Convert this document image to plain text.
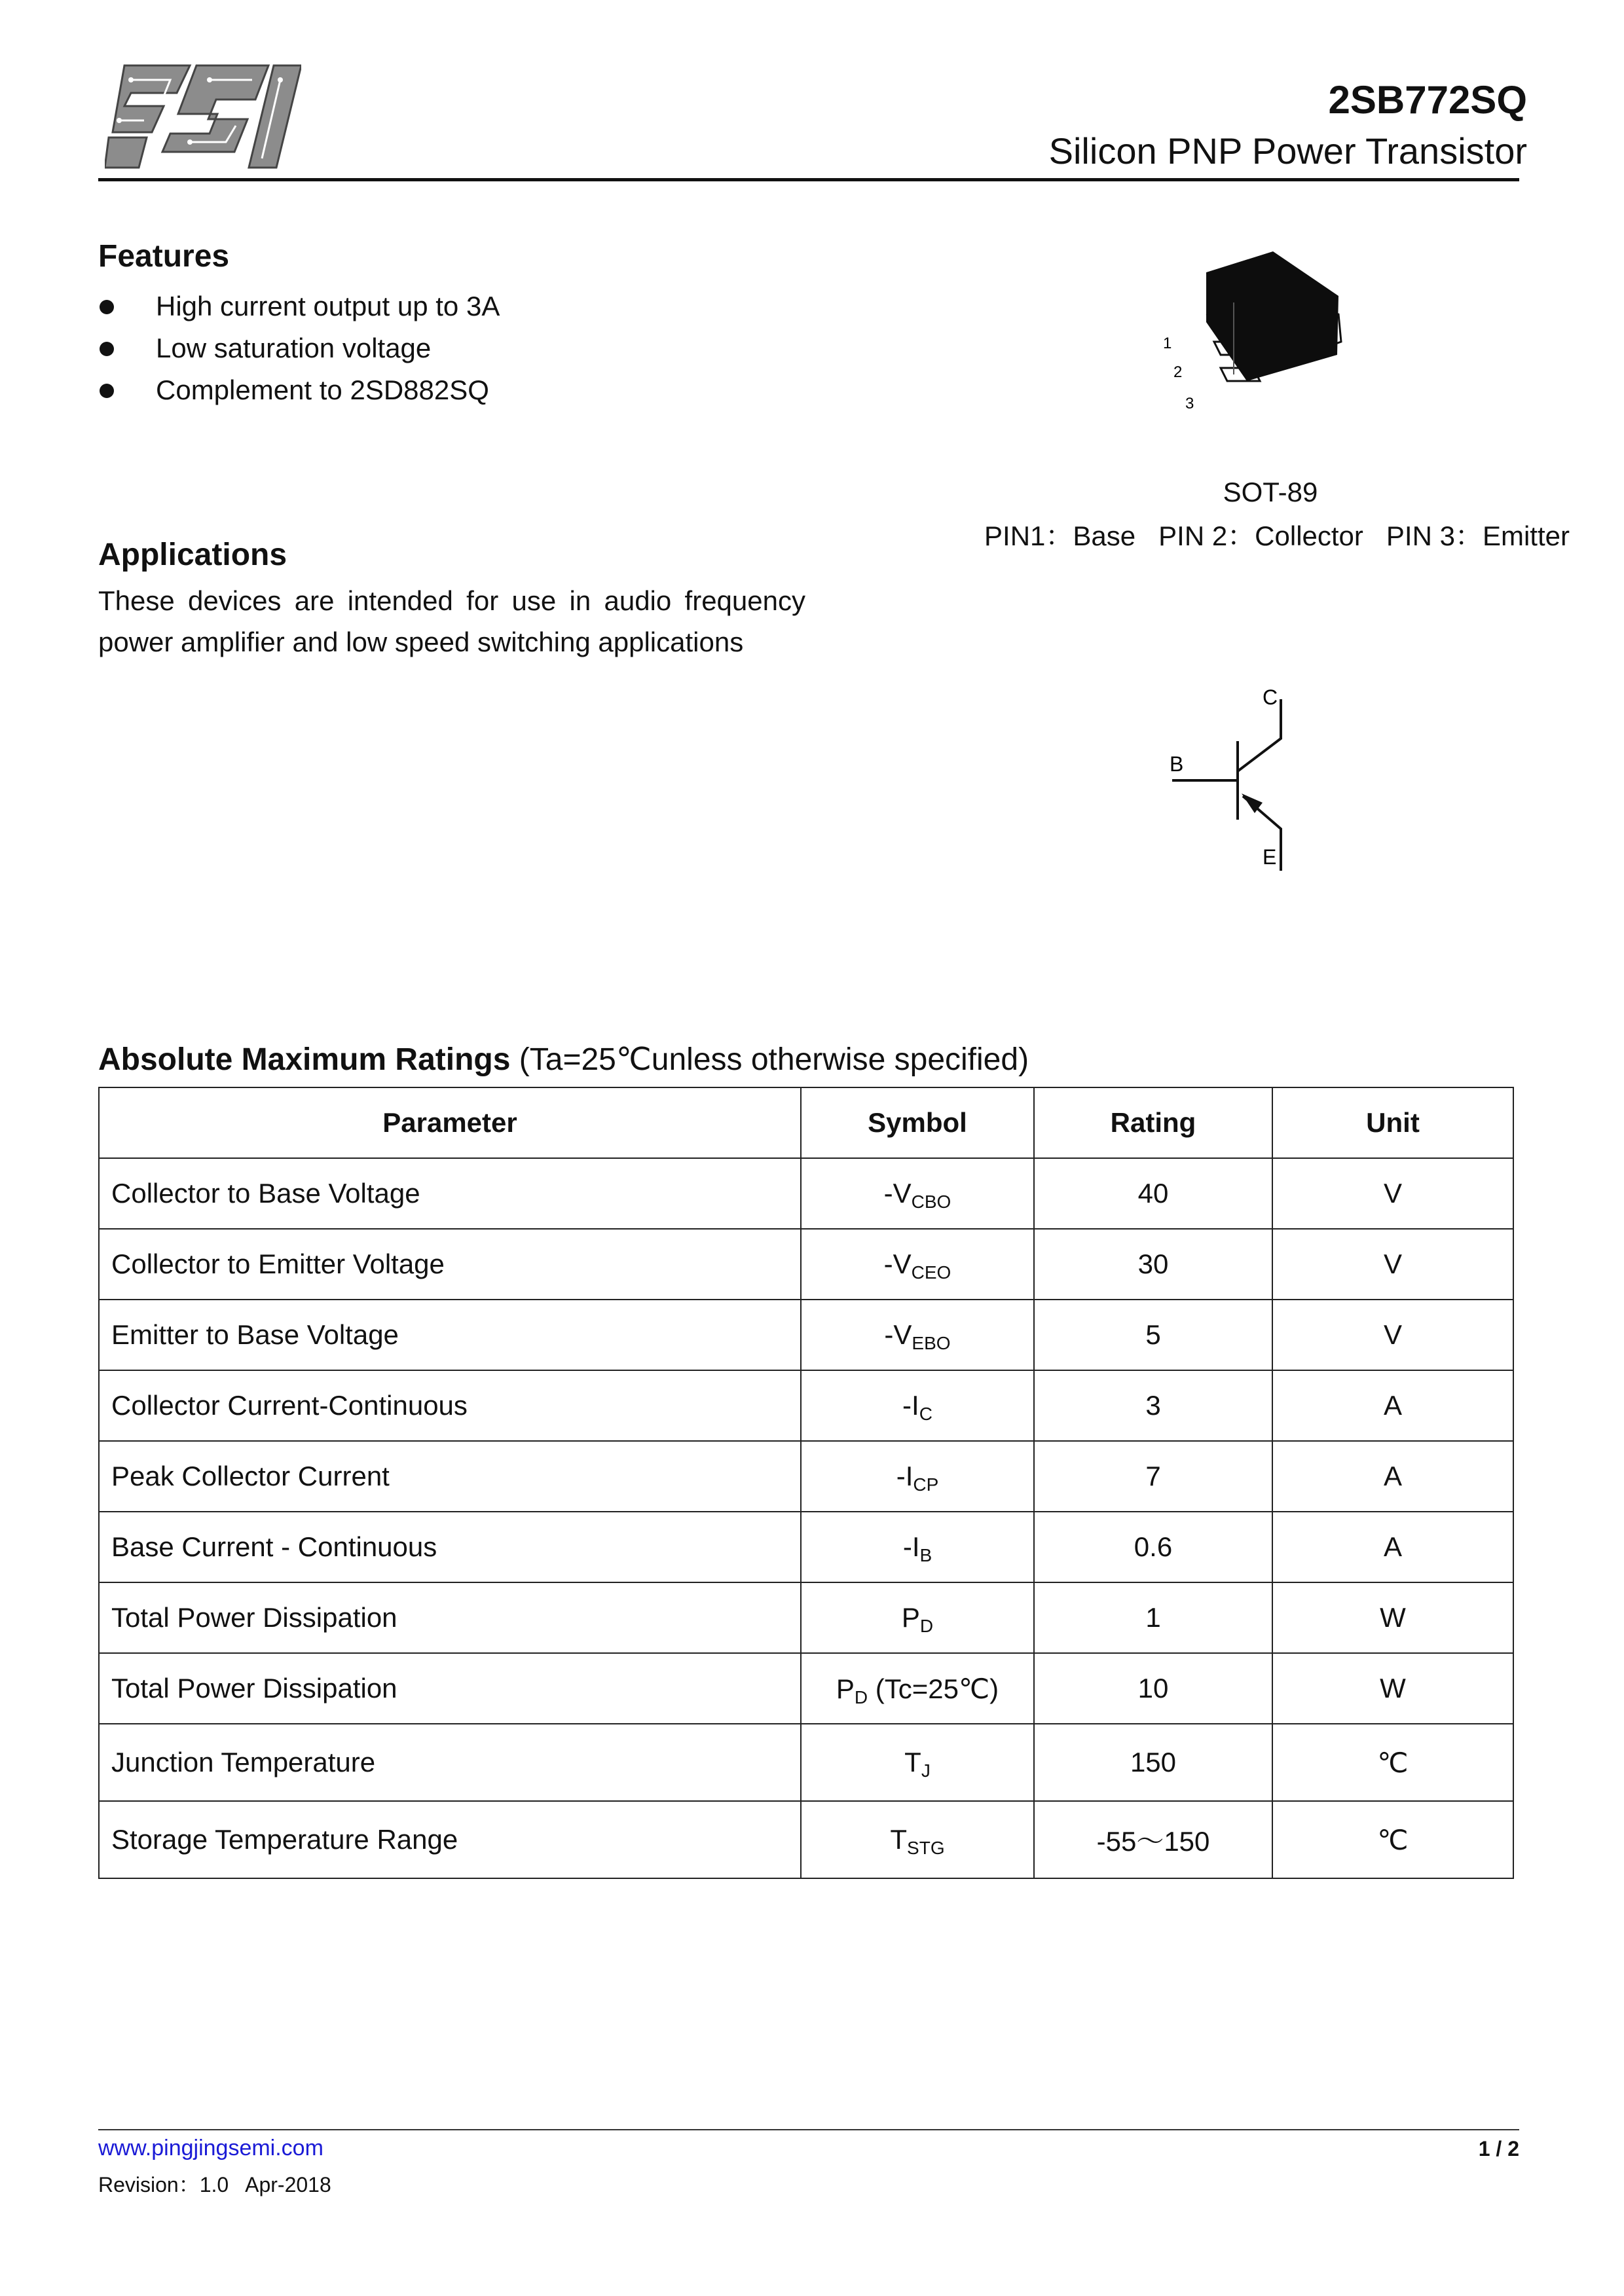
2SB772SQ
Silicon PNP Power Transistor
Features
High current output up to 3A
Low saturation voltage
Complement to 2SD882SQ
1
2
3
SOT-89
PIN1：Base   PIN 2：Collector   PIN 3：Emitter
Applications
These devices are intended for use in audio frequency power amplifier and low speed switching applications
C
B
E
Absolute Maximum Ratings (Ta=25℃unless otherwise specified)
Parameter	Symbol	Rating	Unit
Collector to Base Voltage	$-V_{CBO}$	40	V
Collector to Emitter Voltage	$-V_{CEO}$	30	V
Emitter to Base Voltage	$-V_{EBO}$	5	V
Collector Current-Continuous	$-I_C$	3	A
Peak Collector Current	$-I_{CP}$	7	A
Base Current - Continuous	$-I_B$	0.6	A
Total Power Dissipation	$P_D$	1	W
Total Power Dissipation	$P_D$ (Tc=25℃)	10	W
Junction Temperature	$T_J$	150	℃
Storage Temperature Range	$T_{STG}$	-55～150	℃
www.pingjingsemi.com	1 / 2
Revision：1.0   Apr-2018
